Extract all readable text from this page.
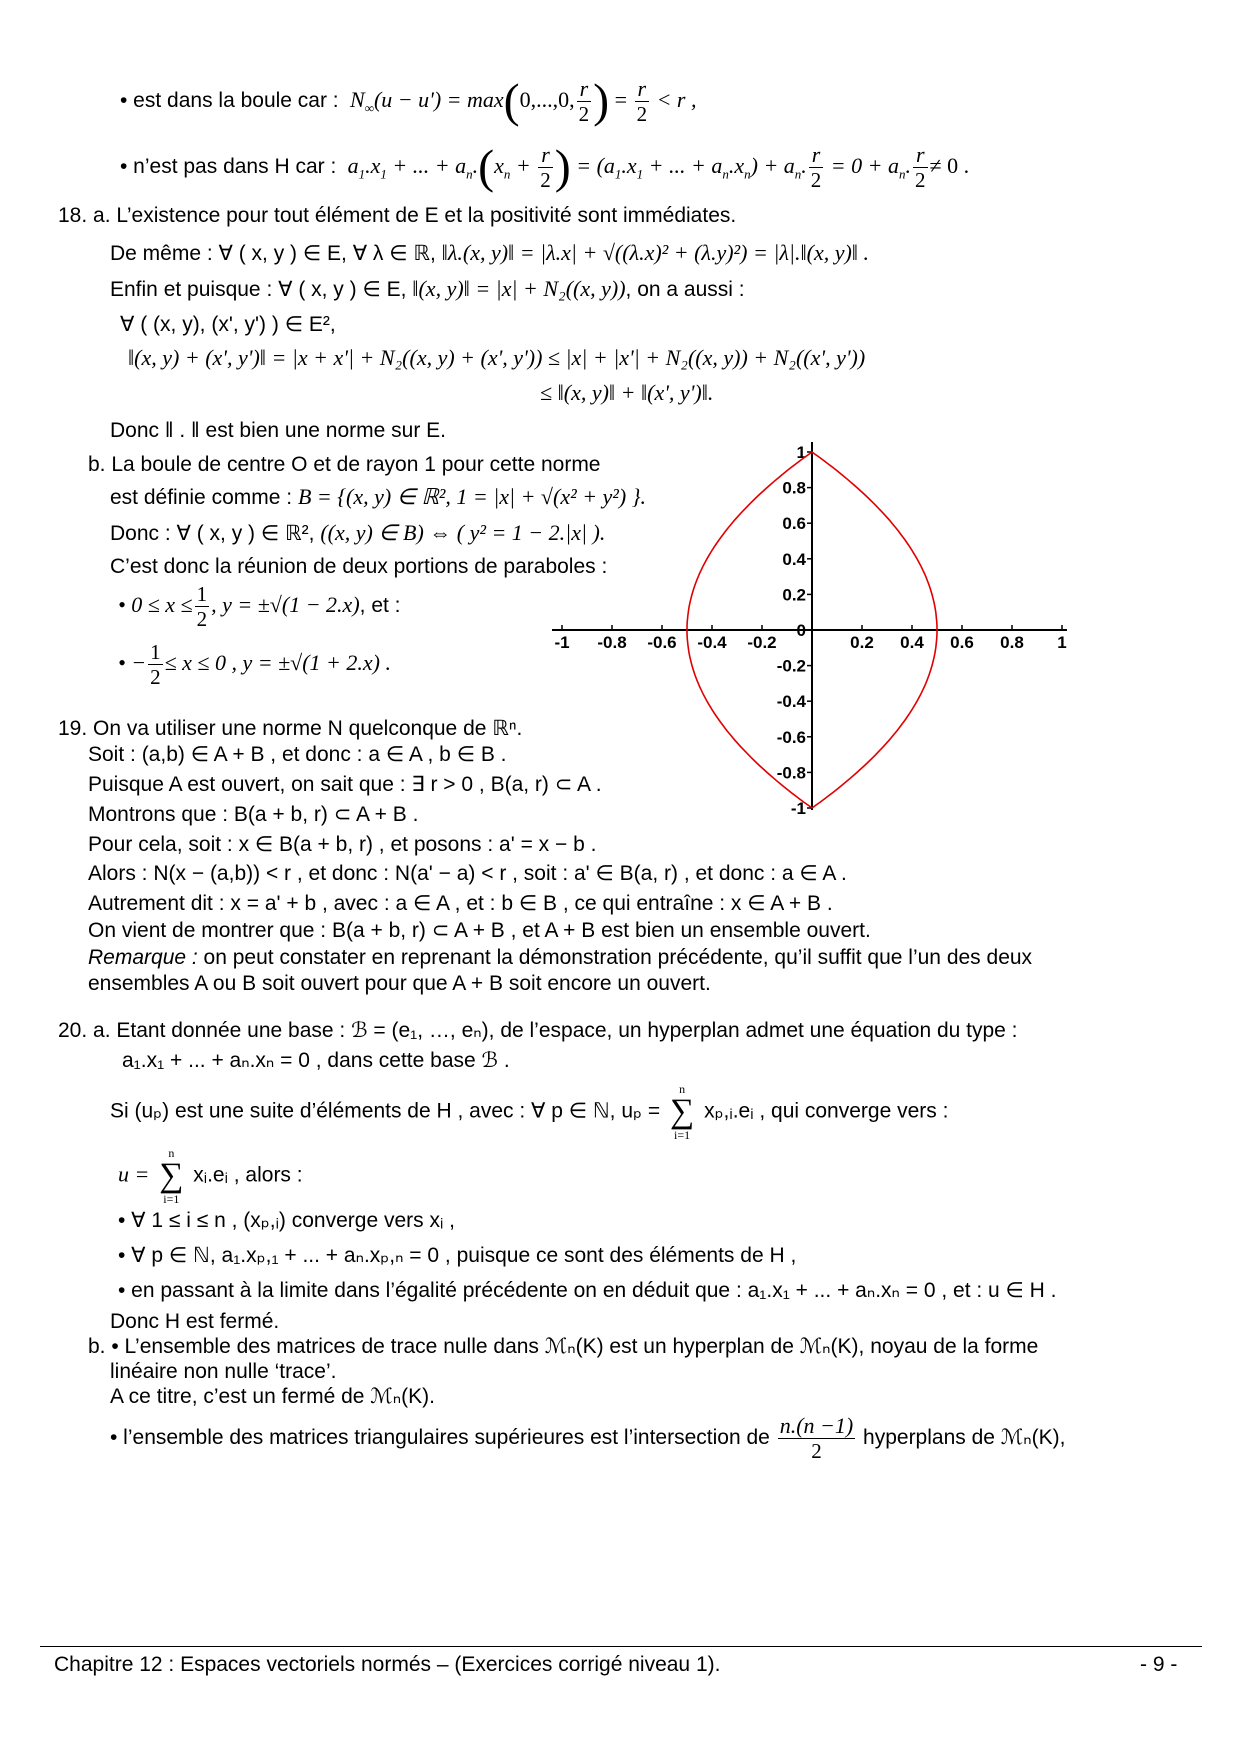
• est dans la boule car : $N_\infty(u - u') = \max(0,...,0$, $\frac{r}{2}$ ) = $\frac{r}{2} < r$ ,
• n’est pas dans H car : $a_1.x_1$ + ... + $a_n.(x_n + \frac{r}{2}$ ) = ($a_1.x_1$ + ... + $a_n.x_n) + a_n$. $\frac{r}{2} = 0 + a_n$. $\frac{r}{2} \ne 0$ .
18. a. L’existence pour tout élément de E et la positivité sont immédiates.
De même : ∀ ( x, y ) ∈ E, ∀ λ ∈ ℝ, ‖λ.(x, y)‖ = |λ.x| + √((λ.x)² + (λ.y)²) = |λ|.‖(x, y)‖ .
Enfin et puisque : ∀ ( x, y ) ∈ E, ‖(x, y)‖ = |x| + N₂((x, y)), on a aussi :
∀ ( (x, y), (x', y') ) ∈ E²,
‖(x, y) + (x', y')‖ = |x + x'| + N₂((x, y) + (x', y')) ≤ |x| + |x'| + N₂((x, y)) + N₂((x', y'))
≤ ‖(x, y)‖ + ‖(x', y')‖.
Donc ‖ . ‖ est bien une norme sur E.
b. La boule de centre O et de rayon 1 pour cette norme
est définie comme : B = {(x, y) ∈ ℝ², 1 = |x| + √(x² + y²) }.
Donc : ∀ ( x, y ) ∈ ℝ², ((x, y) ∈ B) ⇔ ( y² = 1 − 2.|x| ).
C’est donc la réunion de deux portions de paraboles :
• $0 \le x \le \frac{1}{2}$ , y = ±√(1 − 2.x), et :
• − $\frac{1}{2} \le x \le 0$ , y = ±√(1 + 2.x) .
-1 -0.8 -0.6 -0.4 -0.2	0.2 0.4 0.6 0.8 1
1
0.8
0.6
0.4
0.2
0
-0.2
-0.4
-0.6
-0.8
-1
19. On va utiliser une norme N quelconque de ℝⁿ.
Soit : (a,b) ∈ A + B , et donc : a ∈ A , b ∈ B .
Puisque A est ouvert, on sait que : ∃ r > 0 , B(a, r) ⊂ A .
Montrons que : B(a + b, r) ⊂ A + B .
Pour cela, soit : x ∈ B(a + b, r) , et posons : a' = x − b .
Alors : N(x − (a,b)) < r , et donc : N(a' − a) < r , soit : a' ∈ B(a, r) , et donc : a ∈ A .
Autrement dit : x = a' + b , avec : a ∈ A , et : b ∈ B , ce qui entraîne : x ∈ A + B .
On vient de montrer que : B(a + b, r) ⊂ A + B , et A + B est bien un ensemble ouvert.
Remarque : on peut constater en reprenant la démonstration précédente, qu’il suffit que l’un des deux
ensembles A ou B soit ouvert pour que A + B soit encore un ouvert.
20. a. Etant donnée une base : ℬ = (e₁, …, eₙ), de l’espace, un hyperplan admet une équation du type :
a₁.x₁ + ... + aₙ.xₙ = 0 , dans cette base ℬ .
Si (uₚ) est une suite d’éléments de H , avec : ∀ p ∈ ℕ, uₚ =
n
∑
i=1
xₚ,ᵢ.eᵢ , qui converge vers :
u =
n
∑
i=1
xᵢ.eᵢ , alors :
• ∀ 1 ≤ i ≤ n , (xₚ,ᵢ) converge vers xᵢ ,
• ∀ p ∈ ℕ, a₁.xₚ,₁ + ... + aₙ.xₚ,ₙ = 0 , puisque ce sont des éléments de H ,
• en passant à la limite dans l’égalité précédente on en déduit que : a₁.x₁ + ... + aₙ.xₙ = 0 , et : u ∈ H .
Donc H est fermé.
b. • L’ensemble des matrices de trace nulle dans ℳₙ(K) est un hyperplan de ℳₙ(K), noyau de la forme
linéaire non nulle ‘trace’.
A ce titre, c’est un fermé de ℳₙ(K).
• l’ensemble des matrices triangulaires supérieures est l’intersection de $\frac{n.(n -1)}{2}$ hyperplans de ℳₙ(K),
Chapitre 12 : Espaces vectoriels normés – (Exercices corrigé niveau 1).	- 9 -
